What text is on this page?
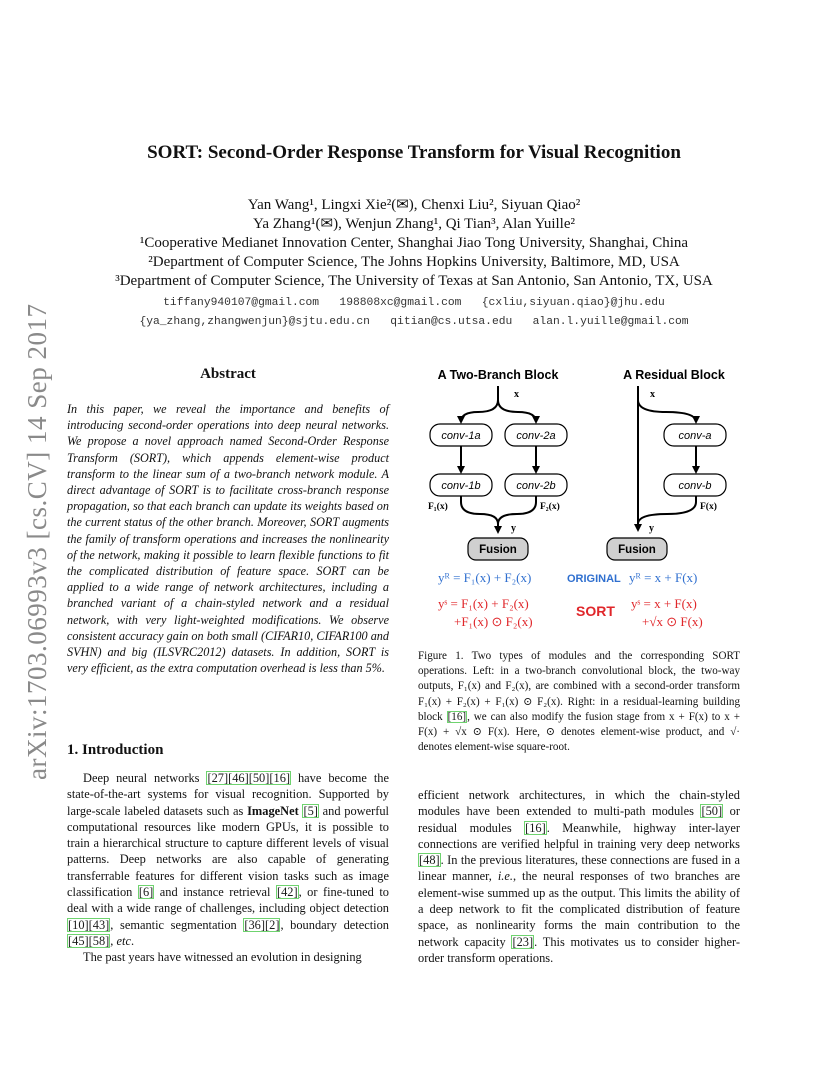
arXiv:1703.06993v3 [cs.CV] 14 Sep 2017
SORT: Second-Order Response Transform for Visual Recognition
Yan Wang¹, Lingxi Xie²(✉), Chenxi Liu², Siyuan Qiao²
Ya Zhang¹(✉), Wenjun Zhang¹, Qi Tian³, Alan Yuille²
¹Cooperative Medianet Innovation Center, Shanghai Jiao Tong University, Shanghai, China
²Department of Computer Science, The Johns Hopkins University, Baltimore, MD, USA
³Department of Computer Science, The University of Texas at San Antonio, San Antonio, TX, USA
tiffany940107@gmail.com   198808xc@gmail.com   {cxliu,siyuan.qiao}@jhu.edu
{ya_zhang,zhangwenjun}@sjtu.edu.cn   qitian@cs.utsa.edu   alan.l.yuille@gmail.com
Abstract
In this paper, we reveal the importance and benefits of introducing second-order operations into deep neural networks. We propose a novel approach named Second-Order Response Transform (SORT), which appends element-wise product transform to the linear sum of a two-branch network module. A direct advantage of SORT is to facilitate cross-branch response propagation, so that each branch can update its weights based on the current status of the other branch. Moreover, SORT augments the family of transform operations and increases the nonlinearity of the network, making it possible to learn flexible functions to fit the complicated distribution of feature space. SORT can be applied to a wide range of network architectures, including a branched variant of a chain-styled network and a residual network, with very light-weighted modifications. We observe consistent accuracy gain on both small (CIFAR10, CIFAR100 and SVHN) and big (ILSVRC2012) datasets. In addition, SORT is very efficient, as the extra computation overhead is less than 5%.
1. Introduction

Deep neural networks [27][46][50][16] have become the state-of-the-art systems for visual recognition. Supported by large-scale labeled datasets such as ImageNet [5] and powerful computational resources like modern GPUs, it is possible to train a hierarchical structure to capture different levels of visual patterns. Deep networks are also capable of generating transferrable features for different vision tasks such as image classification [6] and instance retrieval [42], or fine-tuned to deal with a wide range of challenges, including object detection [10][43], semantic segmentation [36][2], boundary detection [45][58], etc.

The past years have witnessed an evolution in designing

efficient network architectures, in which the chain-styled modules have been extended to multi-path modules [50] or residual modules [16]. Meanwhile, highway inter-layer connections are verified helpful in training very deep networks [48]. In the previous literatures, these connections are fused in a linear manner, i.e., the neural responses of two branches are element-wise summed up as the output. This limits the ability of a deep network to fit the complicated distribution of feature space, as nonlinearity forms the main contribution to the network capacity [23]. This motivates us to consider higher-order transform operations.

A Two-Branch Block	A Residual Block
x
conv-1a	conv-2a
conv-1b	conv-2b
F₁(x)	F₂(x)
y
Fusion
x
conv-a
conv-b
F(x)
y
Fusion
yᴿ = F₁(x) + F₂(x)	ORIGINAL yᴿ = x + F(x)
yˢ = F₁(x) + F₂(x)
+F₁(x) ⊙ F₂(x)
SORT yˢ = x + F(x)
+√x ⊙ F(x)
Figure 1. Two types of modules and the corresponding SORT operations. Left: in a two-branch convolutional block, the two-way outputs, F₁(x) and F₂(x), are combined with a second-order transform F₁(x) + F₂(x) + F₁(x) ⊙ F₂(x). Right: in a residual-learning building block [16], we can also modify the fusion stage from x + F(x) to x + F(x) + √x ⊙ F(x). Here, ⊙ denotes element-wise product, and √· denotes element-wise square-root.
